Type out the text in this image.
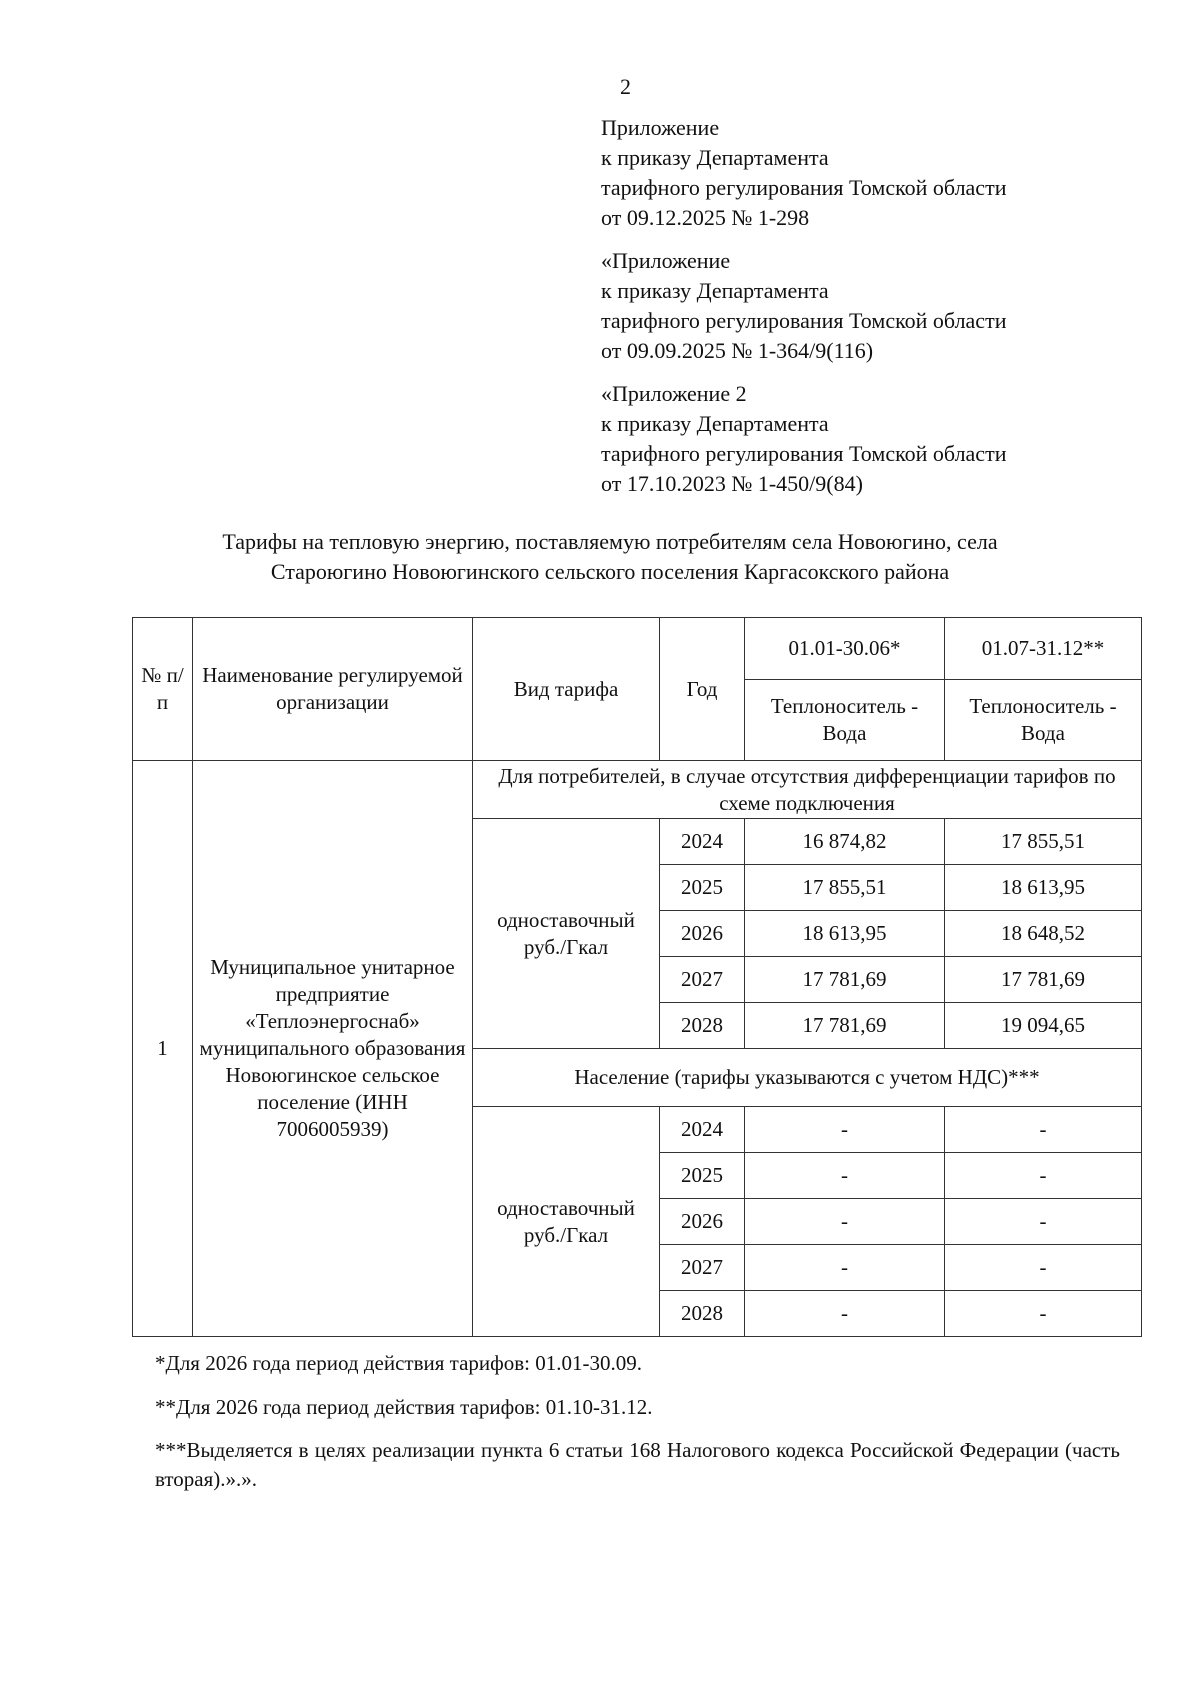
2
Приложение
к приказу Департамента
тарифного регулирования Томской области
от 09.12.2025 № 1-298
«Приложение
к приказу Департамента
тарифного регулирования Томской области
от 09.09.2025 № 1-364/9(116)
«Приложение 2
к приказу Департамента
тарифного регулирования Томской области
от 17.10.2023 № 1-450/9(84)
Тарифы на тепловую энергию, поставляемую потребителям села Новоюгино, села
Староюгино Новоюгинского сельского поселения Каргасокского района
№ п/п	Наименование регулируемой организации	Вид тарифа	Год	01.01-30.06*	01.07-31.12**
				Теплоноситель - Вода	Теплоноситель - Вода
1	Муниципальное унитарное предприятие «Теплоэнергоснаб» муниципального образования Новоюгинское сельское поселение (ИНН 7006005939)	Для потребителей, в случае отсутствия дифференциации тарифов по схеме подключения			
		одноставочный руб./Гкал	2024	16 874,82	17 855,51
			2025	17 855,51	18 613,95
			2026	18 613,95	18 648,52
			2027	17 781,69	17 781,69
			2028	17 781,69	19 094,65
		Население (тарифы указываются с учетом НДС)***			
		одноставочный руб./Гкал	2024	-	-
			2025	-	-
			2026	-	-
			2027	-	-
			2028	-	-
*Для 2026 года период действия тарифов: 01.01-30.09.
**Для 2026 года период действия тарифов: 01.10-31.12.
***Выделяется в целях реализации пункта 6 статьи 168 Налогового кодекса Российской Федерации (часть вторая).».».
